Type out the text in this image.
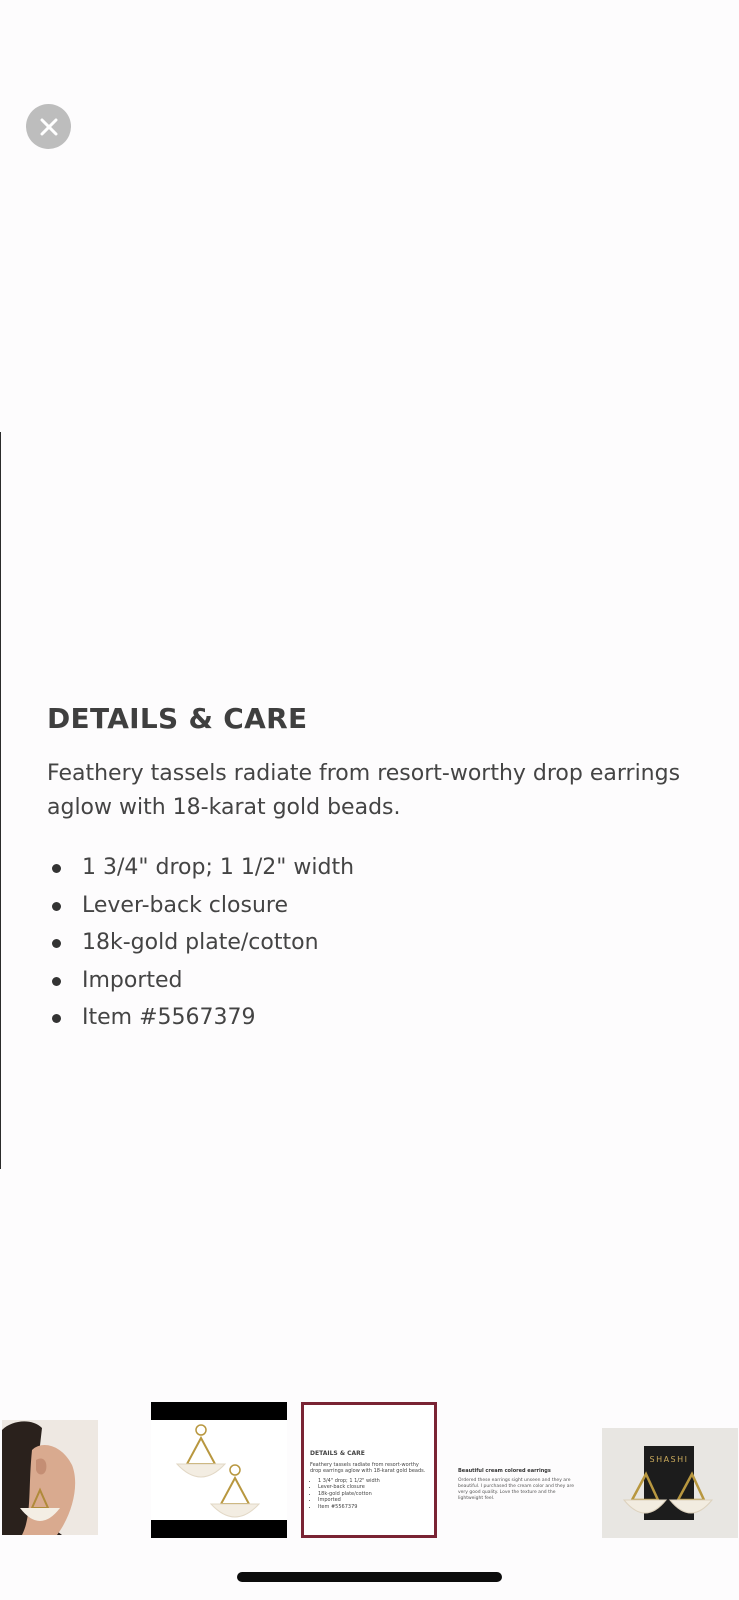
DETAILS & CARE

Feathery tassels radiate from resort-worthy drop earrings aglow with 18-karat gold beads.

1 3/4" drop; 1 1/2" width
Lever-back closure
18k-gold plate/cotton
Imported
Item #5567379
DETAILS & CARE
Feathery tassels radiate from resort-worthy drop earrings aglow with 18-karat gold beads.
• 1 3/4" drop; 1 1/2" width
• Lever-back closure
• 18k-gold plate/cotton
• Imported
• Item #5567379
Beautiful cream colored earrings
Ordered these earrings sight unseen and they are beautiful. I purchased the cream color and they are very good quality. Love the texture and the lightweight feel.
SHASHI
